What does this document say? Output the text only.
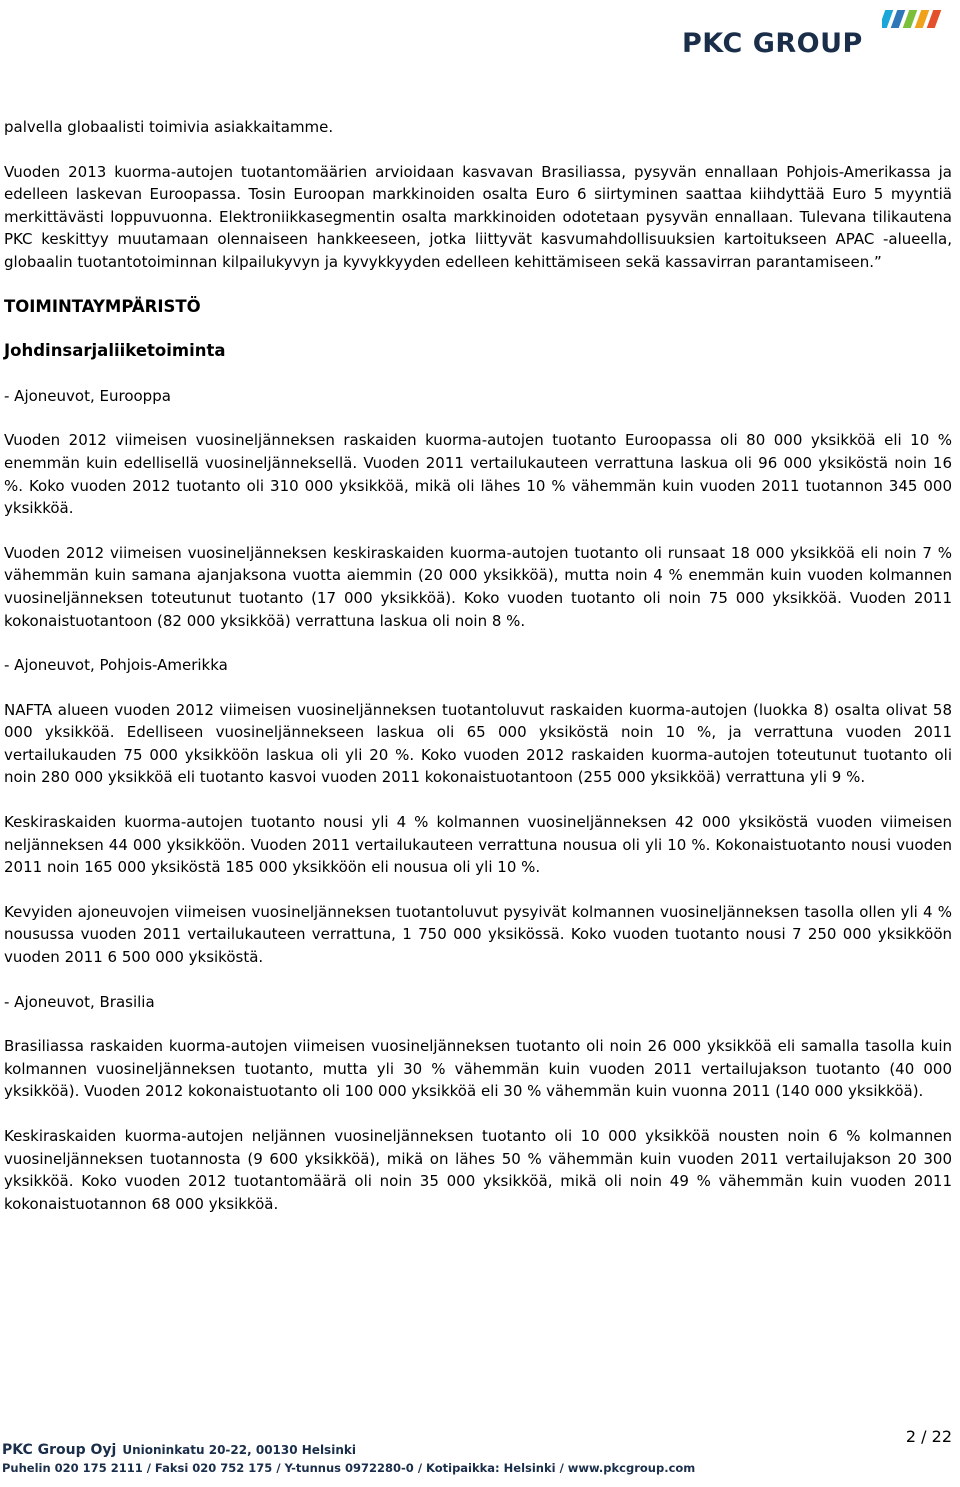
PKC GROUP

palvella globaalisti toimivia asiakkaitamme.

Vuoden 2013 kuorma-autojen tuotantomäärien arvioidaan kasvavan Brasiliassa, pysyvän ennallaan Pohjois-Amerikassa ja edelleen laskevan Euroopassa. Tosin Euroopan markkinoiden osalta Euro 6 siirtyminen saattaa kiihdyttää Euro 5 myyntiä merkittävästi loppuvuonna. Elektroniikkasegmentin osalta markkinoiden odotetaan pysyvän ennallaan. Tulevana tilikautena PKC keskittyy muutamaan olennaiseen hankkeeseen, jotka liittyvät kasvumahdollisuuksien kartoitukseen APAC -alueella, globaalin tuotantotoiminnan kilpailukyvyn ja kyvykkyyden edelleen kehittämiseen sekä kassavirran parantamiseen.”

TOIMINTAYMPÄRISTÖ

Johdinsarjaliiketoiminta

- Ajoneuvot, Eurooppa

Vuoden 2012 viimeisen vuosineljänneksen raskaiden kuorma-autojen tuotanto Euroopassa oli 80 000 yksikköä eli 10 % enemmän kuin edellisellä vuosineljänneksellä. Vuoden 2011 vertailukauteen verrattuna laskua oli 96 000 yksiköstä noin 16 %. Koko vuoden 2012 tuotanto oli 310 000 yksikköä, mikä oli lähes 10 % vähemmän kuin vuoden 2011 tuotannon 345 000 yksikköä.

Vuoden 2012 viimeisen vuosineljänneksen keskiraskaiden kuorma-autojen tuotanto oli runsaat 18 000 yksikköä eli noin 7 % vähemmän kuin samana ajanjaksona vuotta aiemmin (20 000 yksikköä), mutta noin 4 % enemmän kuin vuoden kolmannen vuosineljänneksen toteutunut tuotanto (17 000 yksikköä). Koko vuoden tuotanto oli noin 75 000 yksikköä. Vuoden 2011 kokonaistuotantoon (82 000 yksikköä) verrattuna laskua oli noin 8 %.

- Ajoneuvot, Pohjois-Amerikka

NAFTA alueen vuoden 2012 viimeisen vuosineljänneksen tuotantoluvut raskaiden kuorma-autojen (luokka 8) osalta olivat 58 000 yksikköä. Edelliseen vuosineljännekseen laskua oli 65 000 yksiköstä noin 10 %, ja verrattuna vuoden 2011 vertailukauden 75 000 yksikköön laskua oli yli 20 %. Koko vuoden 2012 raskaiden kuorma-autojen toteutunut tuotanto oli noin 280 000 yksikköä eli tuotanto kasvoi vuoden 2011 kokonaistuotantoon (255 000 yksikköä) verrattuna yli 9 %.

Keskiraskaiden kuorma-autojen tuotanto nousi yli 4 % kolmannen vuosineljänneksen 42 000 yksiköstä vuoden viimeisen neljänneksen 44 000 yksikköön. Vuoden 2011 vertailukauteen verrattuna nousua oli yli 10 %. Kokonaistuotanto nousi vuoden 2011 noin 165 000 yksiköstä 185 000 yksikköön eli nousua oli yli 10 %.

Kevyiden ajoneuvojen viimeisen vuosineljänneksen tuotantoluvut pysyivät kolmannen vuosineljänneksen tasolla ollen yli 4 % nousussa vuoden 2011 vertailukauteen verrattuna, 1 750 000 yksikössä. Koko vuoden tuotanto nousi 7 250 000 yksikköön vuoden 2011 6 500 000 yksiköstä.

- Ajoneuvot, Brasilia

Brasiliassa raskaiden kuorma-autojen viimeisen vuosineljänneksen tuotanto oli noin 26 000 yksikköä eli samalla tasolla kuin kolmannen vuosineljänneksen tuotanto, mutta yli 30 % vähemmän kuin vuoden 2011 vertailujakson tuotanto (40 000 yksikköä). Vuoden 2012 kokonaistuotanto oli 100 000 yksikköä eli 30 % vähemmän kuin vuonna 2011 (140 000 yksikköä).

Keskiraskaiden kuorma-autojen neljännen vuosineljänneksen tuotanto oli 10 000 yksikköä nousten noin 6 % kolmannen vuosineljänneksen tuotannosta (9 600 yksikköä), mikä on lähes 50 % vähemmän kuin vuoden 2011 vertailujakson 20 300 yksikköä. Koko vuoden 2012 tuotantomäärä oli noin 35 000 yksikköä, mikä oli noin 49 % vähemmän kuin vuoden 2011 kokonaistuotannon 68 000 yksikköä.

2 / 22
PKC Group Oyj Unioninkatu 20-22, 00130 Helsinki
Puhelin 020 175 2111 / Faksi 020 752 175 / Y-tunnus 0972280-0 / Kotipaikka: Helsinki / www.pkcgroup.com
